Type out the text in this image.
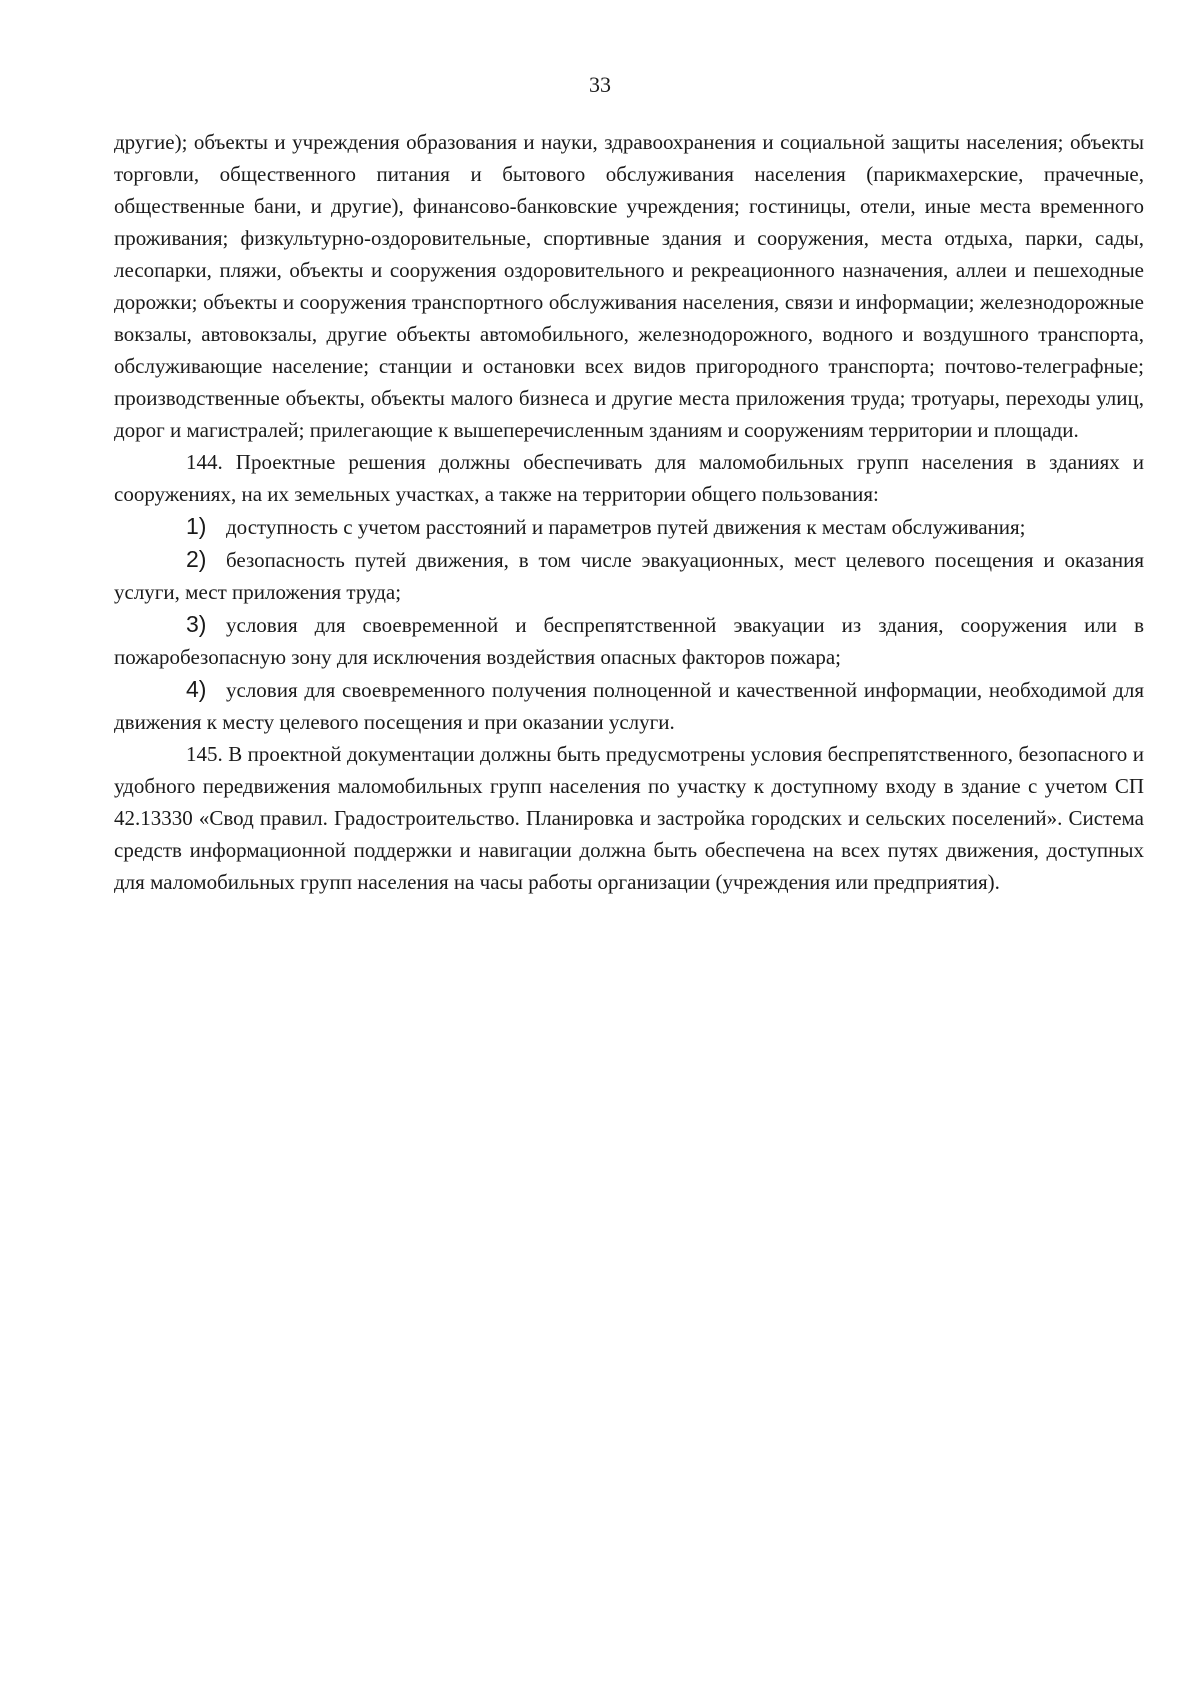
33

другие); объекты и учреждения образования и науки, здравоохранения и социальной защиты населения; объекты торговли, общественного питания и бытового обслуживания населения (парикмахерские, прачечные, общественные бани, и другие), финансово-банковские учреждения; гостиницы, отели, иные места временного проживания; физкультурно-оздоровительные, спортивные здания и сооружения, места отдыха, парки, сады, лесопарки, пляжи, объекты и сооружения оздоровительного и рекреационного назначения, аллеи и пешеходные дорожки; объекты и сооружения транспортного обслуживания населения, связи и информации; железнодорожные вокзалы, автовокзалы, другие объекты автомобильного, железнодорожного, водного и воздушного транспорта, обслуживающие население; станции и остановки всех видов пригородного транспорта; почтово-телеграфные; производственные объекты, объекты малого бизнеса и другие места приложения труда; тротуары, переходы улиц, дорог и магистралей; прилегающие к вышеперечисленным зданиям и сооружениям территории и площади.

144. Проектные решения должны обеспечивать для маломобильных групп населения в зданиях и сооружениях, на их земельных участках, а также на территории общего пользования:

1) доступность с учетом расстояний и параметров путей движения к местам обслуживания;

2) безопасность путей движения, в том числе эвакуационных, мест целевого посещения и оказания услуги, мест приложения труда;

3) условия для своевременной и беспрепятственной эвакуации из здания, сооружения или в пожаробезопасную зону для исключения воздействия опасных факторов пожара;

4) условия для своевременного получения полноценной и качественной информации, необходимой для движения к месту целевого посещения и при оказании услуги.

145. В проектной документации должны быть предусмотрены условия беспрепятственного, безопасного и удобного передвижения маломобильных групп населения по участку к доступному входу в здание с учетом СП 42.13330 «Свод правил. Градостроительство. Планировка и застройка городских и сельских поселений». Система средств информационной поддержки и навигации должна быть обеспечена на всех путях движения, доступных для маломобильных групп населения на часы работы организации (учреждения или предприятия).
